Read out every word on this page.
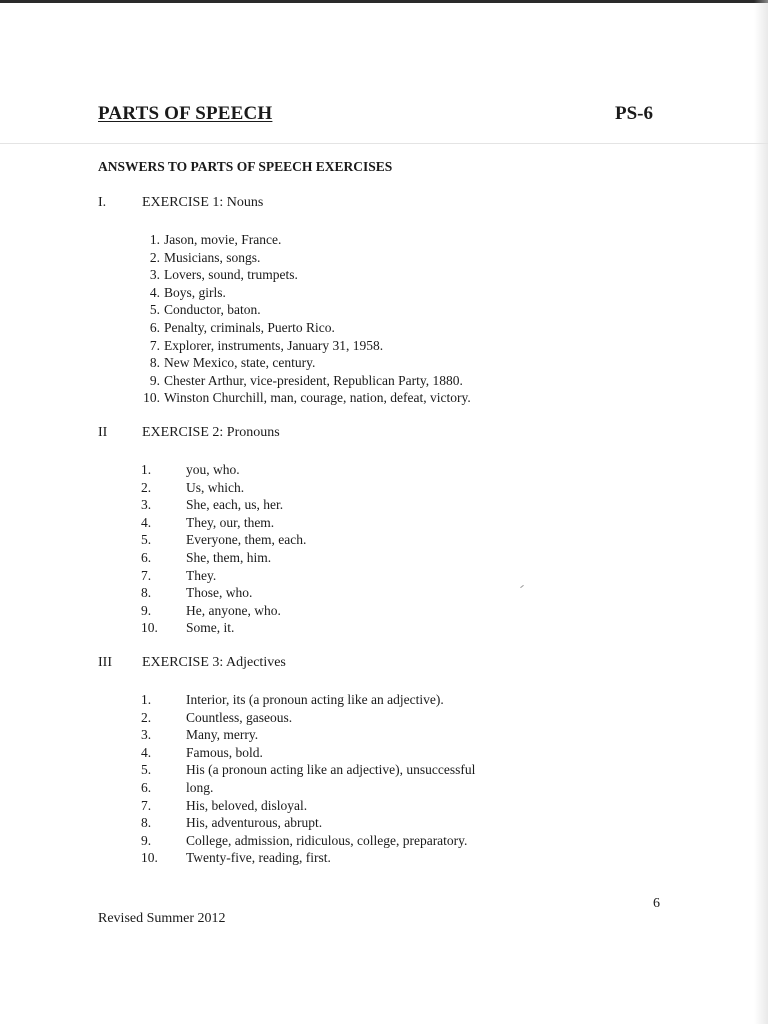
PARTS OF SPEECH	PS-6
ANSWERS TO PARTS OF SPEECH EXERCISES
I.	EXERCISE 1: Nouns
1. Jason, movie, France.
2. Musicians, songs.
3. Lovers, sound, trumpets.
4. Boys, girls.
5. Conductor, baton.
6. Penalty, criminals, Puerto Rico.
7. Explorer, instruments, January 31, 1958.
8. New Mexico, state, century.
9. Chester Arthur, vice-president, Republican Party, 1880.
10. Winston Churchill, man, courage, nation, defeat, victory.
II EXERCISE 2: Pronouns
1.	you, who.
2.	Us, which.
3.	She, each, us, her.
4.	They, our, them.
5.	Everyone, them, each.
6.	She, them, him.
7.	They.
8.	Those, who.
9.	He, anyone, who.
10. Some, it.
III EXERCISE 3: Adjectives
1.	Interior, its (a pronoun acting like an adjective).
2.	Countless, gaseous.
3.	Many, merry.
4.	Famous, bold.
5.	His (a pronoun acting like an adjective), unsuccessful
6.	long.
7.	His, beloved, disloyal.
8.	His, adventurous, abrupt.
9.	College, admission, ridiculous, college, preparatory.
10. Twenty-five, reading, first.
6
Revised Summer 2012
